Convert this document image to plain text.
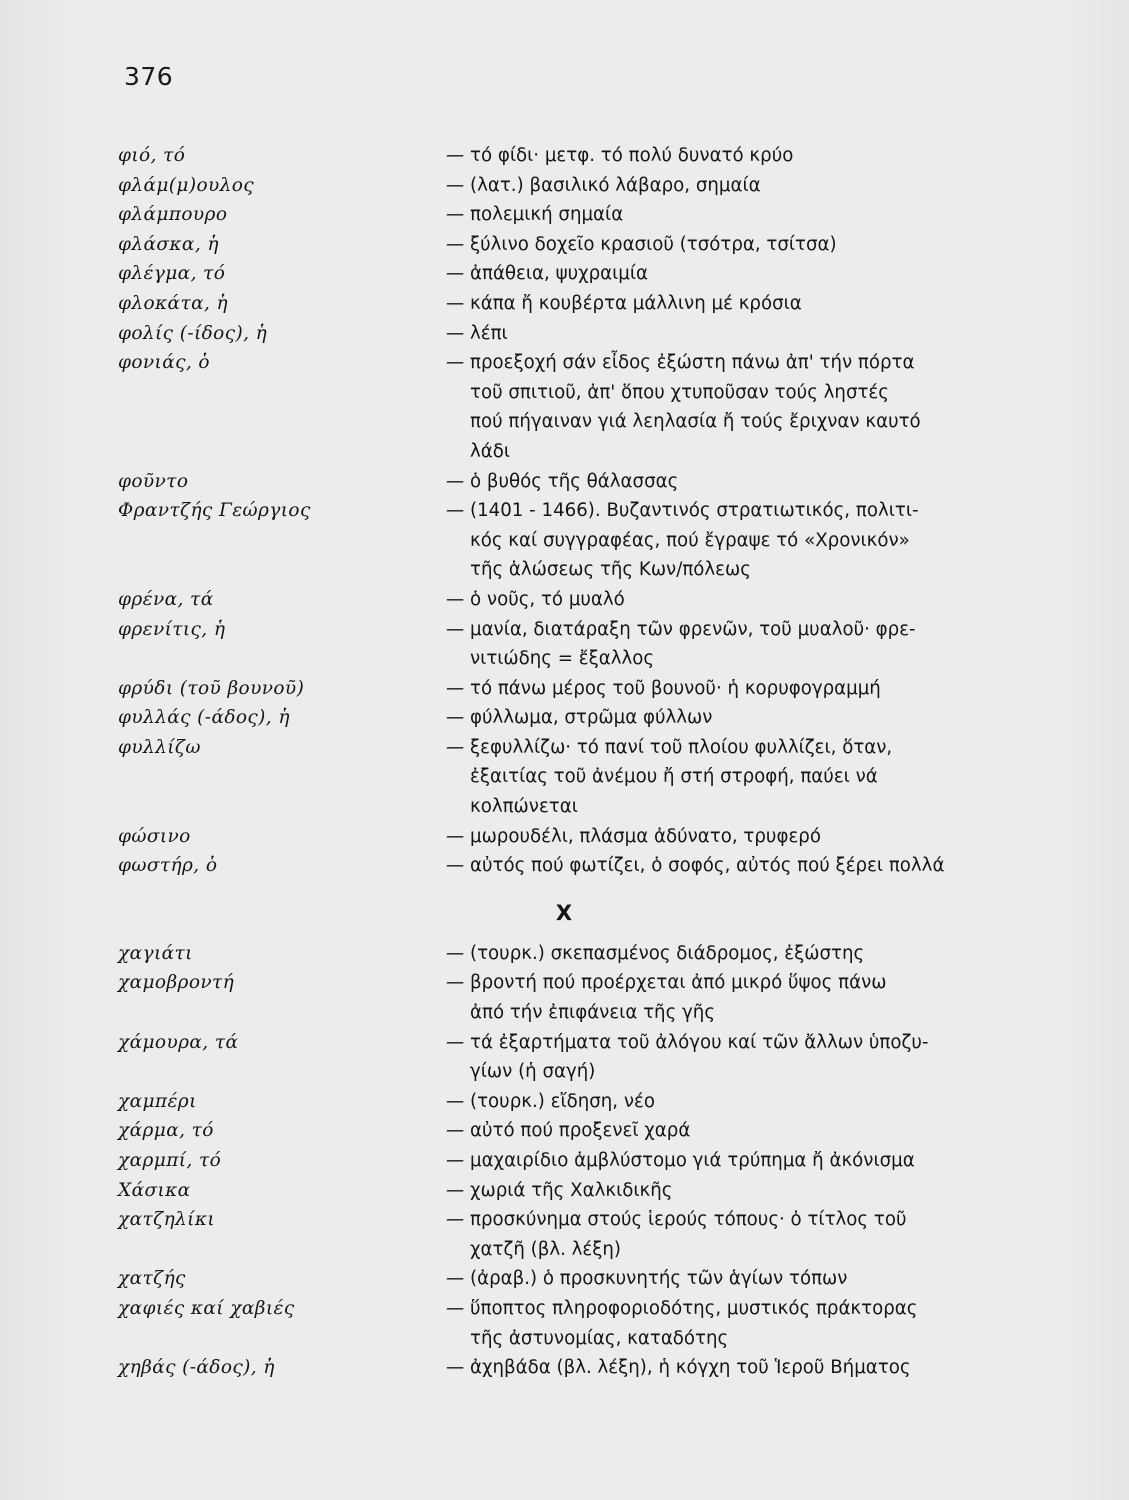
376
φιό, τό	— τό φίδι· μετφ. τό πολύ δυνατό κρύο
φλάμ(μ)ουλος	— (λατ.) βασιλικό λάβαρο, σημαία
φλάμπουρο	— πολεμική σημαία
φλάσκα, ἡ	— ξύλινο δοχεῖο κρασιοῦ (τσότρα, τσίτσα)
φλέγμα, τό	— ἀπάθεια, ψυχραιμία
φλοκάτα, ἡ	— κάπα ἤ κουβέρτα μάλλινη μέ κρόσια
φολίς (-ίδος), ἡ	— λέπι
φονιάς, ὁ	— προεξοχή σάν εἶδος ἐξώστη πάνω ἀπ' τήν πόρτα
τοῦ σπιτιοῦ, ἀπ' ὅπου χτυποῦσαν τούς ληστές
πού πήγαιναν γιά λεηλασία ἤ τούς ἔριχναν καυτό
λάδι
φοῦντο	— ὁ βυθός τῆς θάλασσας
Φραντζής Γεώργιος	— (1401 - 1466). Βυζαντινός στρατιωτικός, πολιτι-
κός καί συγγραφέας, πού ἔγραψε τό «Χρονικόν»
τῆς ἁλώσεως τῆς Κων/πόλεως
φρένα, τά	— ὁ νοῦς, τό μυαλό
φρενίτις, ἡ	— μανία, διατάραξη τῶν φρενῶν, τοῦ μυαλοῦ· φρε-
νιτιώδης = ἔξαλλος
φρύδι (τοῦ βουνοῦ)	— τό πάνω μέρος τοῦ βουνοῦ· ἡ κορυφογραμμή
φυλλάς (-άδος), ἡ	— φύλλωμα, στρῶμα φύλλων
φυλλίζω	— ξεφυλλίζω· τό πανί τοῦ πλοίου φυλλίζει, ὅταν,
ἐξαιτίας τοῦ ἀνέμου ἤ στή στροφή, παύει νά
κολπώνεται
φώσινο	— μωρουδέλι, πλάσμα ἀδύνατο, τρυφερό
φωστήρ, ὁ	— αὐτός πού φωτίζει, ὁ σοφός, αὐτός πού ξέρει πολλά
Χ
χαγιάτι	— (τουρκ.) σκεπασμένος διάδρομος, ἐξώστης
χαμοβροντή	— βροντή πού προέρχεται ἀπό μικρό ὕψος πάνω
ἀπό τήν ἐπιφάνεια τῆς γῆς
χάμουρα, τά	— τά ἐξαρτήματα τοῦ ἀλόγου καί τῶν ἄλλων ὑποζυ-
γίων (ἡ σαγή)
χαμπέρι	— (τουρκ.) εἴδηση, νέο
χάρμα, τό	— αὐτό πού προξενεῖ χαρά
χαρμπί, τό	— μαχαιρίδιο ἀμβλύστομο γιά τρύπημα ἤ ἀκόνισμα
Χάσικα	— χωριά τῆς Χαλκιδικῆς
χατζηλίκι	— προσκύνημα στούς ἱερούς τόπους· ὁ τίτλος τοῦ
χατζῆ (βλ. λέξη)
χατζής	— (ἀραβ.) ὁ προσκυνητής τῶν ἁγίων τόπων
χαφιές καί χαβιές	— ὕποπτος πληροφοριοδότης, μυστικός πράκτορας
τῆς ἀστυνομίας, καταδότης
χηβάς (-άδος), ἡ	— ἀχηβάδα (βλ. λέξη), ἡ κόγχη τοῦ Ἱεροῦ Βήματος
